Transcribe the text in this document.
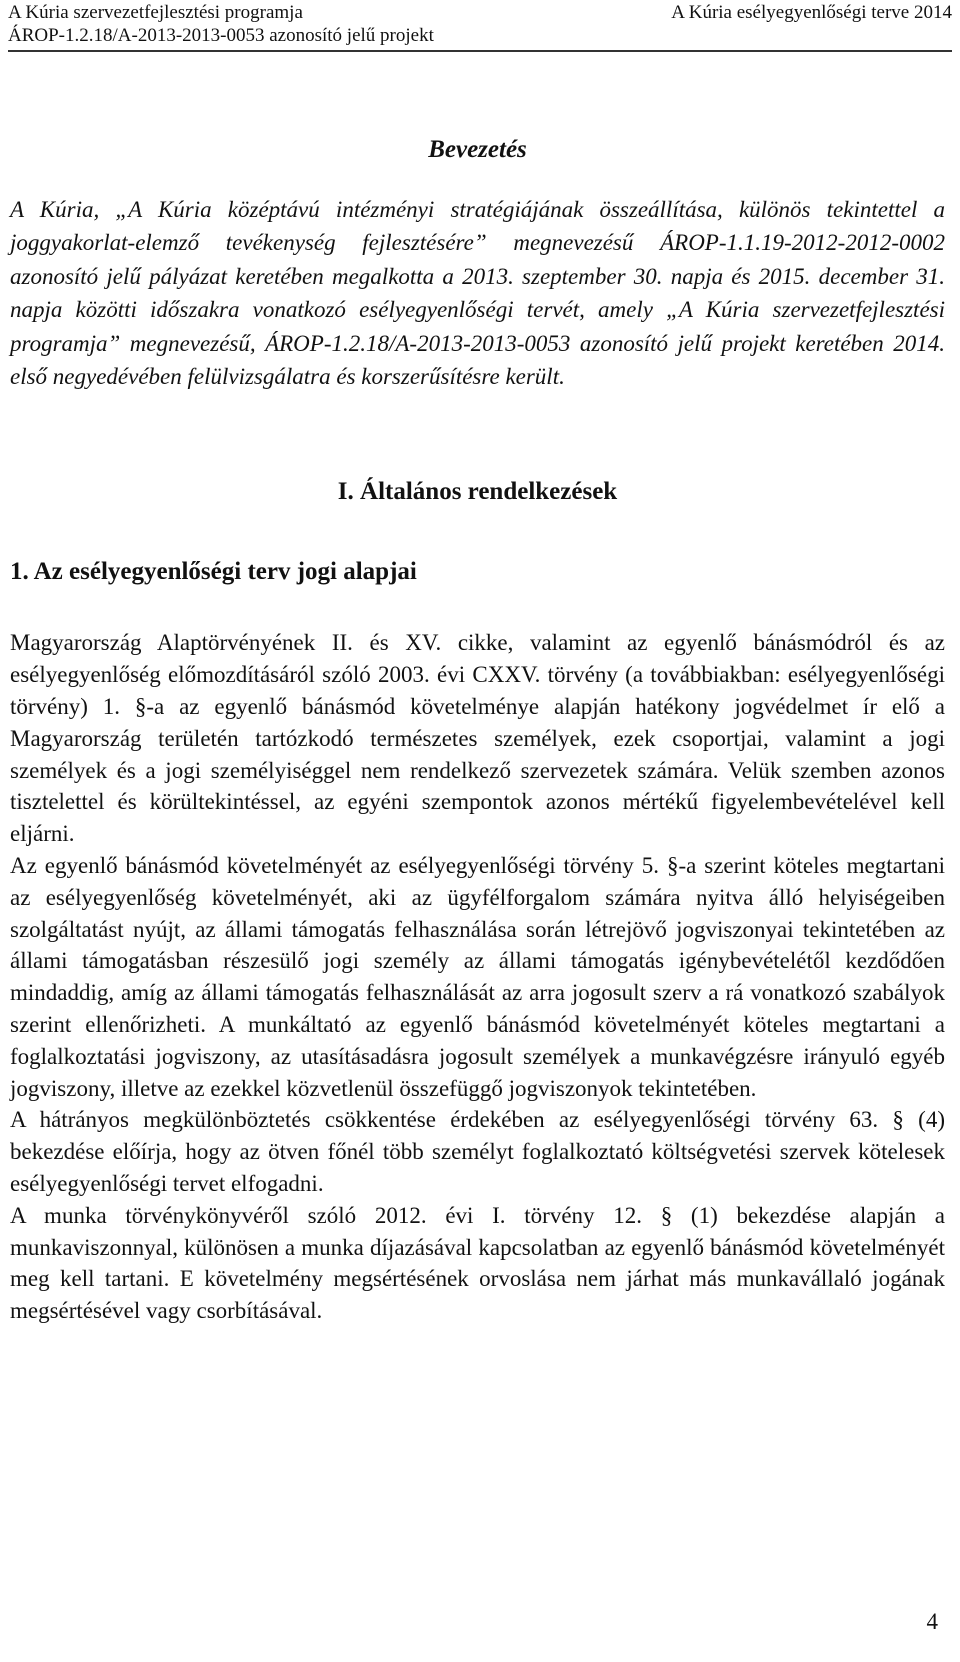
A Kúria szervezetfejlesztési programja
ÁROP-1.2.18/A-2013-2013-0053 azonosító jelű projekt
A Kúria esélyegyenlőségi terve 2014
Bevezetés

A Kúria, „A Kúria középtávú intézményi stratégiájának összeállítása, különös tekintettel a joggyakorlat-elemző tevékenység fejlesztésére” megnevezésű ÁROP-1.1.19-2012-2012-0002 azonosító jelű pályázat keretében megalkotta a 2013. szeptember 30. napja és 2015. december 31. napja közötti időszakra vonatkozó esélyegyenlőségi tervét, amely „A Kúria szervezetfejlesztési programja” megnevezésű, ÁROP-1.2.18/A-2013-2013-0053 azonosító jelű projekt keretében 2014. első negyedévében felülvizsgálatra és korszerűsítésre került.

I. Általános rendelkezések
1. Az esélyegyenlőségi terv jogi alapjai

Magyarország Alaptörvényének II. és XV. cikke, valamint az egyenlő bánásmódról és az esélyegyenlőség előmozdításáról szóló 2003. évi CXXV. törvény (a továbbiakban: esélyegyenlőségi törvény) 1. §-a az egyenlő bánásmód követelménye alapján hatékony jogvédelmet ír elő a Magyarország területén tartózkodó természetes személyek, ezek csoportjai, valamint a jogi személyek és a jogi személyiséggel nem rendelkező szervezetek számára. Velük szemben azonos tisztelettel és körültekintéssel, az egyéni szempontok azonos mértékű figyelembevételével kell eljárni.

Az egyenlő bánásmód követelményét az esélyegyenlőségi törvény 5. §-a szerint köteles megtartani az esélyegyenlőség követelményét, aki az ügyfélforgalom számára nyitva álló helyiségeiben szolgáltatást nyújt, az állami támogatás felhasználása során létrejövő jogviszonyai tekintetében az állami támogatásban részesülő jogi személy az állami támogatás igénybevételétől kezdődően mindaddig, amíg az állami támogatás felhasználását az arra jogosult szerv a rá vonatkozó szabályok szerint ellenőrizheti. A munkáltató az egyenlő bánásmód követelményét köteles megtartani a foglalkoztatási jogviszony, az utasításadásra jogosult személyek a munkavégzésre irányuló egyéb jogviszony, illetve az ezekkel közvetlenül összefüggő jogviszonyok tekintetében.

A hátrányos megkülönböztetés csökkentése érdekében az esélyegyenlőségi törvény 63. § (4) bekezdése előírja, hogy az ötven főnél több személyt foglalkoztató költségvetési szervek kötelesek esélyegyenlőségi tervet elfogadni.

A munka törvénykönyvéről szóló 2012. évi I. törvény 12. § (1) bekezdése alapján a munkaviszonnyal, különösen a munka díjazásával kapcsolatban az egyenlő bánásmód követelményét meg kell tartani. E követelmény megsértésének orvoslása nem járhat más munkavállaló jogának megsértésével vagy csorbításával.

4
